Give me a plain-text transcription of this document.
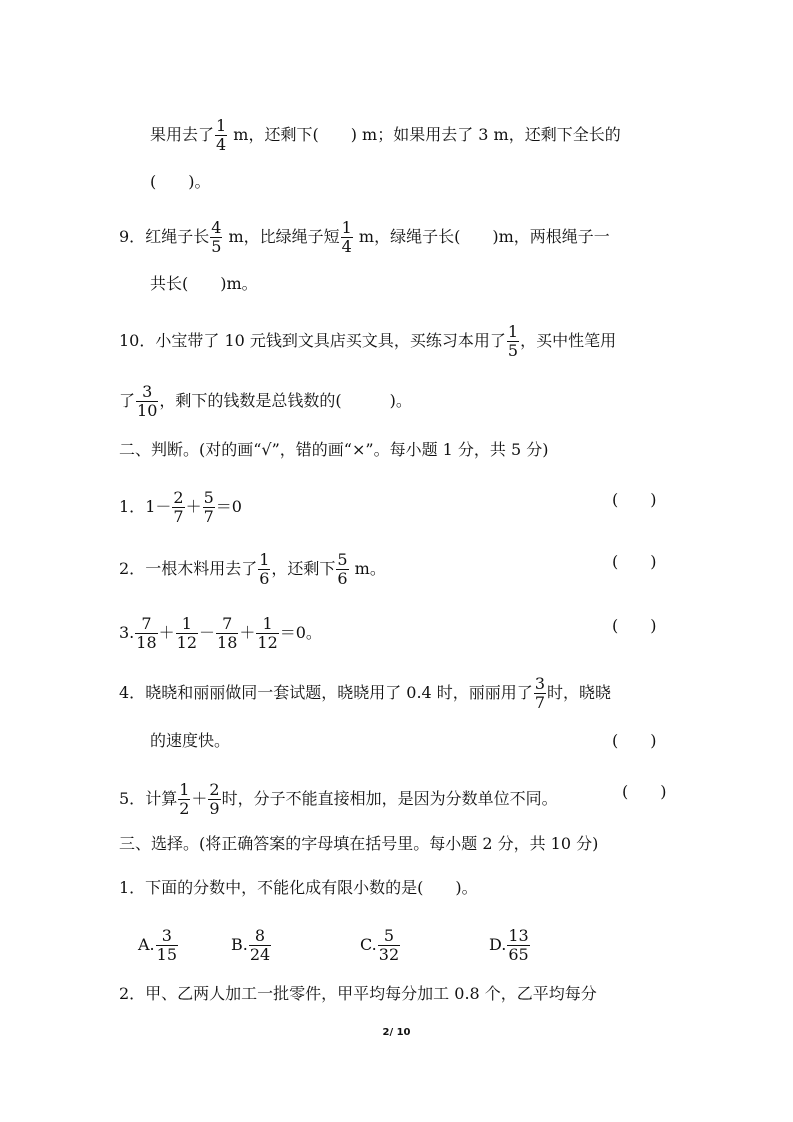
果用去了 $\frac{1}{4}$ m，还剩下(　　) m；如果用去了 3 m，还剩下全长的
(　　)。
9．红绳子长 $\frac{4}{5}$ m，比绿绳子短 $\frac{1}{4}$ m，绿绳子长(　　)m，两根绳子一
共长(　　)m。
10．小宝带了 10 元钱到文具店买文具，买练习本用了 $\frac{1}{5}$ ，买中性笔用
了 $\frac{3}{10}$ ，剩下的钱数是总钱数的(　　　)。
二、判断。(对的画“√”，错的画“×”。每小题 1 分，共 5 分)
1．$1- \frac{2}{7} + \frac{5}{7} =0$	(　　)
2．一根木料用去了 $\frac{1}{6}$ ，还剩下 $\frac{5}{6}$ m。	(　　)
3. $\frac{7}{18} + \frac{1}{12} - \frac{7}{18} + \frac{1}{12} =0$。	(　　)
4．晓晓和丽丽做同一套试题，晓晓用了 0.4 时，丽丽用了 $\frac{3}{7}$ 时，晓晓
的速度快。	(　　)
5．计算 $\frac{1}{2} + \frac{2}{9}$ 时，分子不能直接相加，是因为分数单位不同。	(　　)
三、选择。(将正确答案的字母填在括号里。每小题 2 分，共 10 分)
1．下面的分数中，不能化成有限小数的是(　　)。
A. $\frac{3}{15}$	B. $\frac{8}{24}$	C. $\frac{5}{32}$	D. $\frac{13}{65}$
2．甲、乙两人加工一批零件，甲平均每分加工 0.8 个，乙平均每分
2/ 10
